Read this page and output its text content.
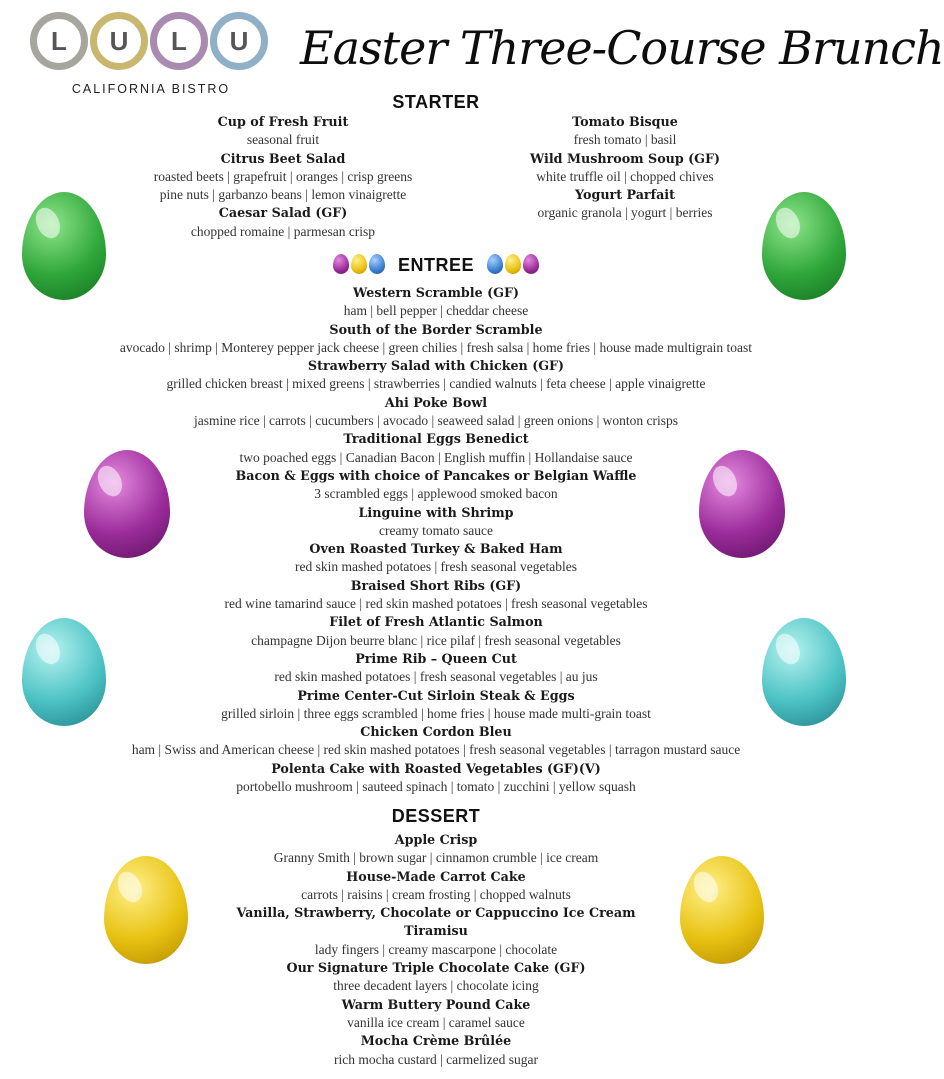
L	U	L	U
CALIFORNIA BISTRO
Easter Three-Course Brunch
STARTER
Cup of Fresh Fruit
seasonal fruit
Citrus Beet Salad
roasted beets | grapefruit | oranges | crisp greens
pine nuts | garbanzo beans | lemon vinaigrette
Caesar Salad (GF)
chopped romaine | parmesan crisp
Tomato Bisque
fresh tomato | basil
Wild Mushroom Soup (GF)
white truffle oil | chopped chives
Yogurt Parfait
organic granola | yogurt | berries
ENTREE
Western Scramble (GF)
ham | bell pepper | cheddar cheese
South of the Border Scramble
avocado | shrimp | Monterey pepper jack cheese | green chilies | fresh salsa | home fries | house made multigrain toast
Strawberry Salad with Chicken (GF)
grilled chicken breast | mixed greens | strawberries | candied walnuts | feta cheese | apple vinaigrette
Ahi Poke Bowl
jasmine rice | carrots | cucumbers | avocado | seaweed salad | green onions | wonton crisps
Traditional Eggs Benedict
two poached eggs | Canadian Bacon | English muffin | Hollandaise sauce
Bacon & Eggs with choice of Pancakes or Belgian Waffle
3 scrambled eggs | applewood smoked bacon
Linguine with Shrimp
creamy tomato sauce
Oven Roasted Turkey & Baked Ham
red skin mashed potatoes | fresh seasonal vegetables
Braised Short Ribs (GF)
red wine tamarind sauce | red skin mashed potatoes | fresh seasonal vegetables
Filet of Fresh Atlantic Salmon
champagne Dijon beurre blanc | rice pilaf | fresh seasonal vegetables
Prime Rib – Queen Cut
red skin mashed potatoes | fresh seasonal vegetables | au jus
Prime Center-Cut Sirloin Steak & Eggs
grilled sirloin | three eggs scrambled | home fries | house made multi-grain toast
Chicken Cordon Bleu
ham | Swiss and American cheese | red skin mashed potatoes | fresh seasonal vegetables | tarragon mustard sauce
Polenta Cake with Roasted Vegetables (GF)(V)
portobello mushroom | sauteed spinach | tomato | zucchini | yellow squash
DESSERT
Apple Crisp
Granny Smith | brown sugar | cinnamon crumble | ice cream
House-Made Carrot Cake
carrots | raisins | cream frosting | chopped walnuts
Vanilla, Strawberry, Chocolate or Cappuccino Ice Cream
Tiramisu
lady fingers | creamy mascarpone | chocolate
Our Signature Triple Chocolate Cake (GF)
three decadent layers | chocolate icing
Warm Buttery Pound Cake
vanilla ice cream | caramel sauce
Mocha Crème Brûlée
rich mocha custard | carmelized sugar
